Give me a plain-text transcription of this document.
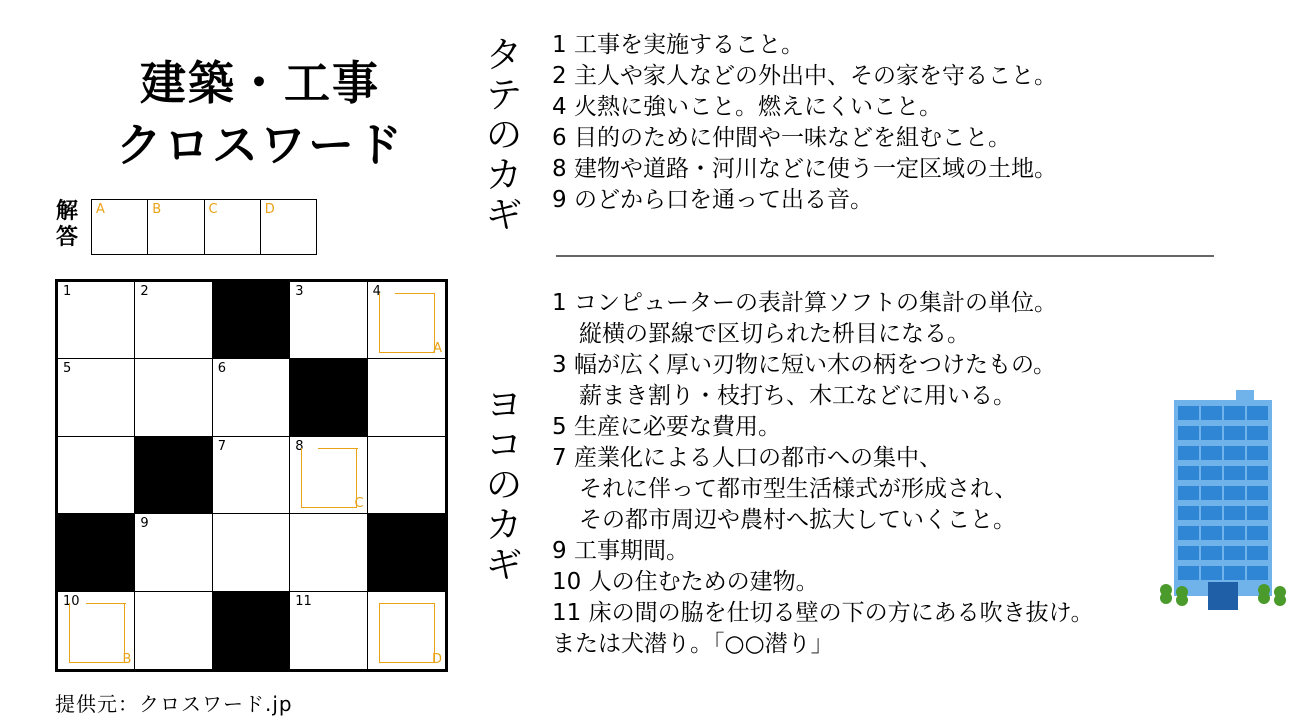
建築・工事
クロスワード
解
答
A	B	C	D
1	2	3	4
A
5	6
7	8
C
9
10
B
11
D
提供元：クロスワード.jp
タ
テ
の
カ
ギ
1 工事を実施すること。
2 主人や家人などの外出中、その家を守ること。
4 火熱に強いこと。燃えにくいこと。
6 目的のために仲間や一味などを組むこと。
8 建物や道路・河川などに使う一定区域の土地。
9 のどから口を通って出る音。
ヨ
コ
の
カ
ギ
1 コンピューターの表計算ソフトの集計の単位。
縦横の罫線で区切られた枡目になる。
3 幅が広く厚い刃物に短い木の柄をつけたもの。
薪まき割り・枝打ち、木工などに用いる。
5 生産に必要な費用。
7 産業化による人口の都市への集中、
それに伴って都市型生活様式が形成され、
その都市周辺や農村へ拡大していくこと。
9 工事期間。
10 人の住むための建物。
11 床の間の脇を仕切る壁の下の方にある吹き抜け。
または犬潜り。「○○潜り」
